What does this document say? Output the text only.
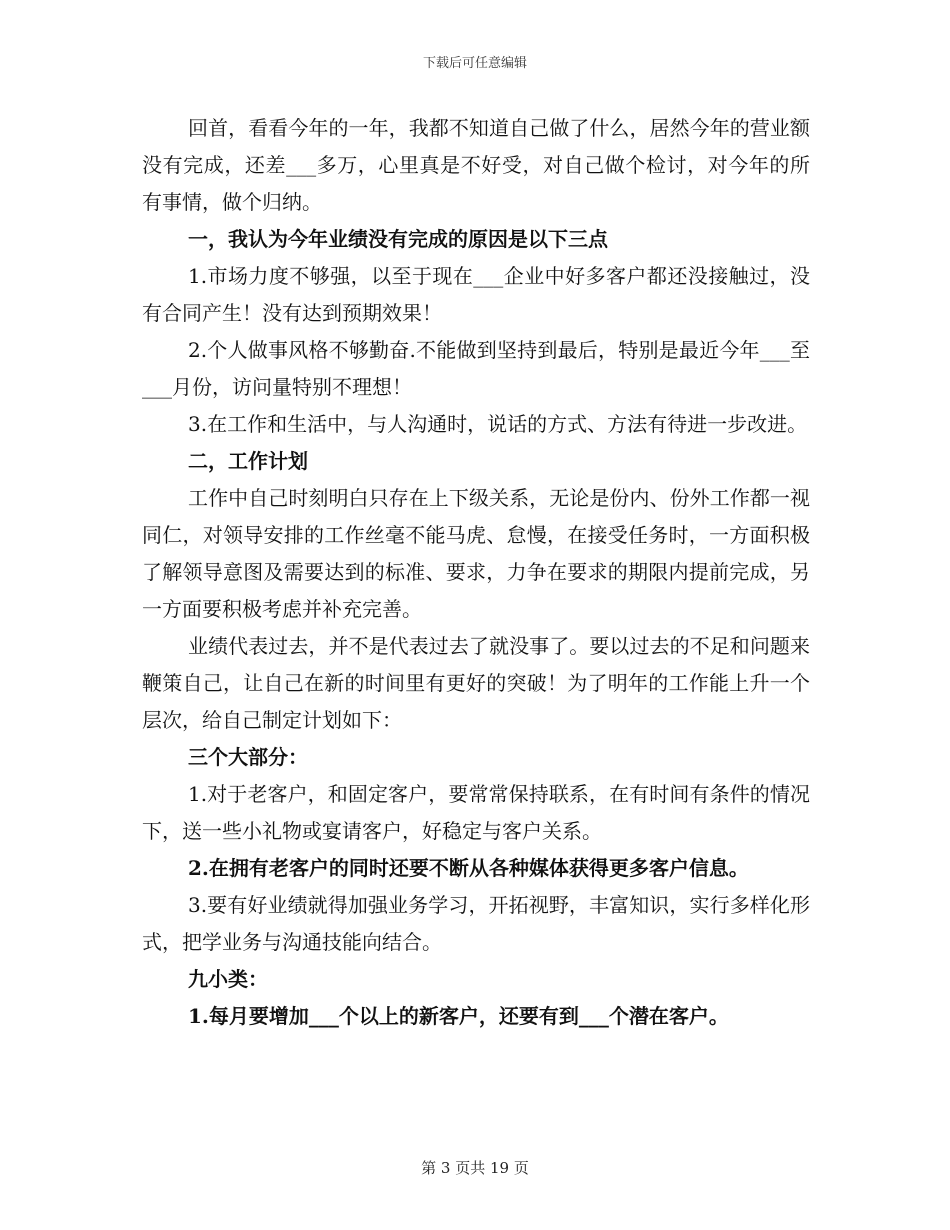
下载后可任意编辑

回首，看看今年的一年，我都不知道自己做了什么，居然今年的营业额没有完成，还差___多万，心里真是不好受，对自己做个检讨，对今年的所有事情，做个归纳。

一，我认为今年业绩没有完成的原因是以下三点

1.市场力度不够强，以至于现在___企业中好多客户都还没接触过，没有合同产生！没有达到预期效果！

2.个人做事风格不够勤奋.不能做到坚持到最后，特别是最近今年___至___月份，访问量特别不理想！

3.在工作和生活中，与人沟通时，说话的方式、方法有待进一步改进。

二，工作计划

工作中自己时刻明白只存在上下级关系，无论是份内、份外工作都一视同仁，对领导安排的工作丝毫不能马虎、怠慢，在接受任务时，一方面积极了解领导意图及需要达到的标准、要求，力争在要求的期限内提前完成，另一方面要积极考虑并补充完善。

业绩代表过去，并不是代表过去了就没事了。要以过去的不足和问题来鞭策自己，让自己在新的时间里有更好的突破！为了明年的工作能上升一个层次，给自己制定计划如下：

三个大部分：

1.对于老客户，和固定客户，要常常保持联系，在有时间有条件的情况下，送一些小礼物或宴请客户，好稳定与客户关系。

2.在拥有老客户的同时还要不断从各种媒体获得更多客户信息。

3.要有好业绩就得加强业务学习，开拓视野，丰富知识，实行多样化形式，把学业务与沟通技能向结合。

九小类：

1.每月要增加___个以上的新客户，还要有到___个潜在客户。

第 3 页共 19 页
